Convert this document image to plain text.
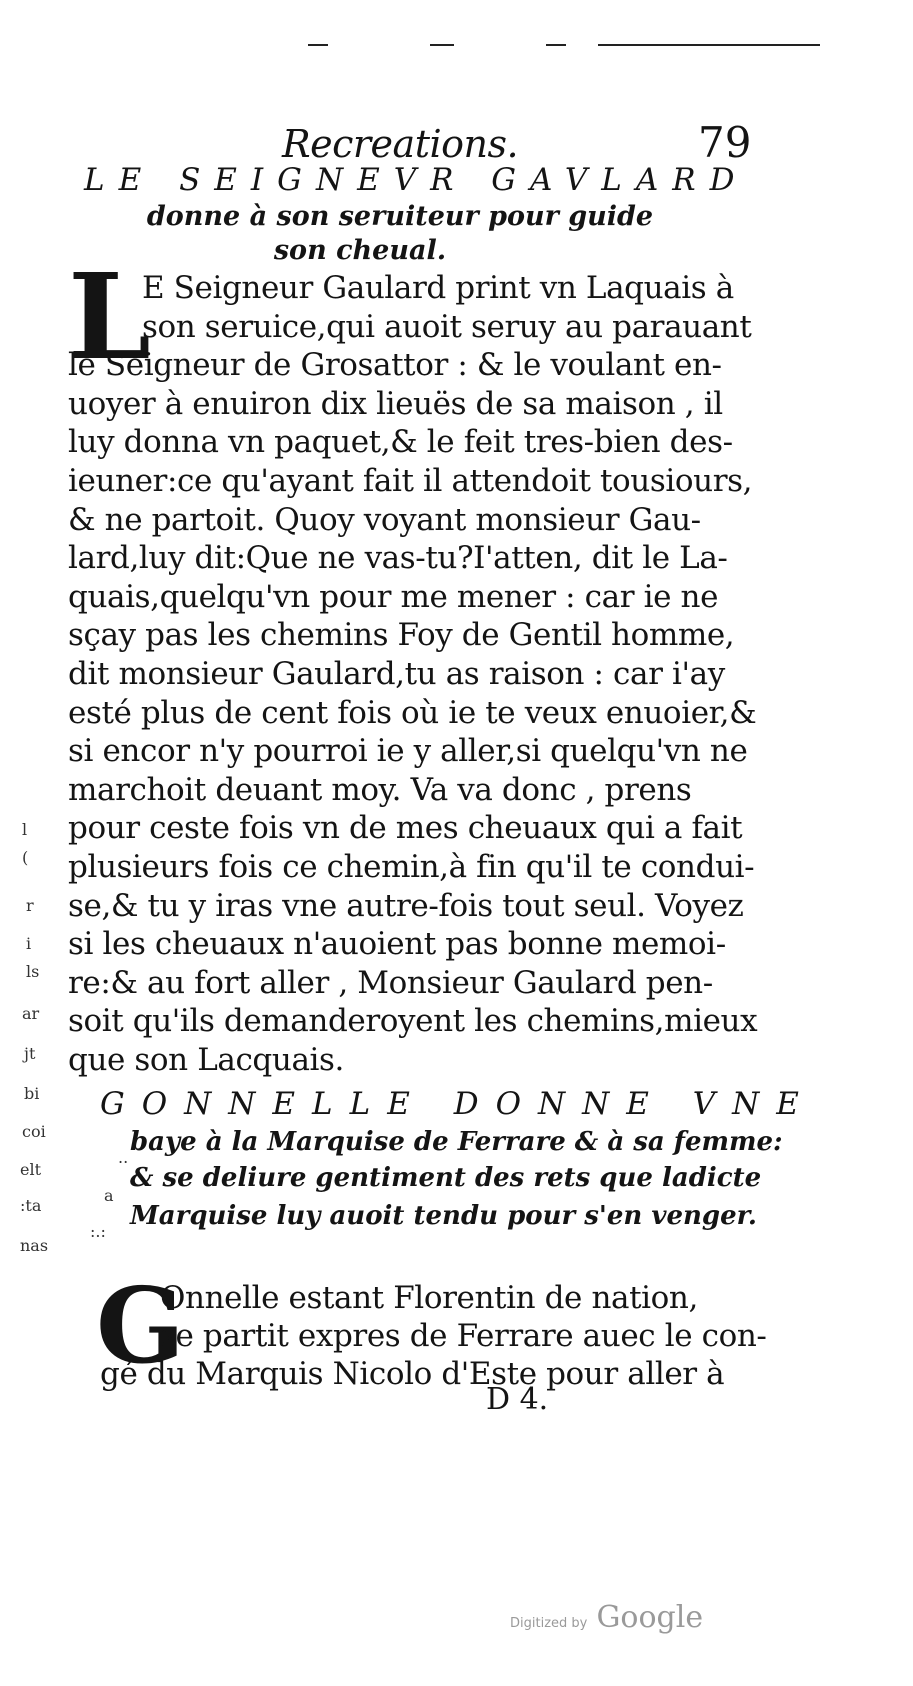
Recreations.	79
LE SEIGNEVR GAVLARD
donne à son seruiteur pour guide
son cheual.
L
E Seigneur Gaulard print vn Laquais à
son seruice,qui auoit seruy au parauant
le Seigneur de Grosattor : & le voulant en-
uoyer à enuiron dix lieuës de sa maison , il
luy donna vn paquet,& le feit tres-bien des-
ieuner:ce qu'ayant fait il attendoit tousiours,
& ne partoit. Quoy voyant monsieur Gau-
lard,luy dit:Que ne vas-tu?I'atten, dit le La-
quais,quelqu'vn pour me mener : car ie ne
sçay pas les chemins Foy de Gentil homme,
dit monsieur Gaulard,tu as raison : car i'ay
esté plus de cent fois où ie te veux enuoier,&
si encor n'y pourroi ie y aller,si quelqu'vn ne
marchoit deuant moy. Va va donc , prens
pour ceste fois vn de mes cheuaux qui a fait
plusieurs fois ce chemin,à fin qu'il te condui-
se,& tu y iras vne autre-fois tout seul. Voyez
si les cheuaux n'auoient pas bonne memoi-
re:& au fort aller , Monsieur Gaulard pen-
soit qu'ils demanderoyent les chemins,mieux
que son Lacquais.
GONNELLE DONNE VNE
baye à la Marquise de Ferrare & à sa femme:
& se deliure gentiment des rets que ladicte
Marquise luy auoit tendu pour s'en venger.
G
Onnelle estant Florentin de nation,
se partit expres de Ferrare auec le con-
gé du Marquis Nicolo d'Este pour aller à
D 4.
l
(
r
i
ls
ar
jt
bi
coi
elt
:ta
nas
..
a
:.:
Digitized by Google
